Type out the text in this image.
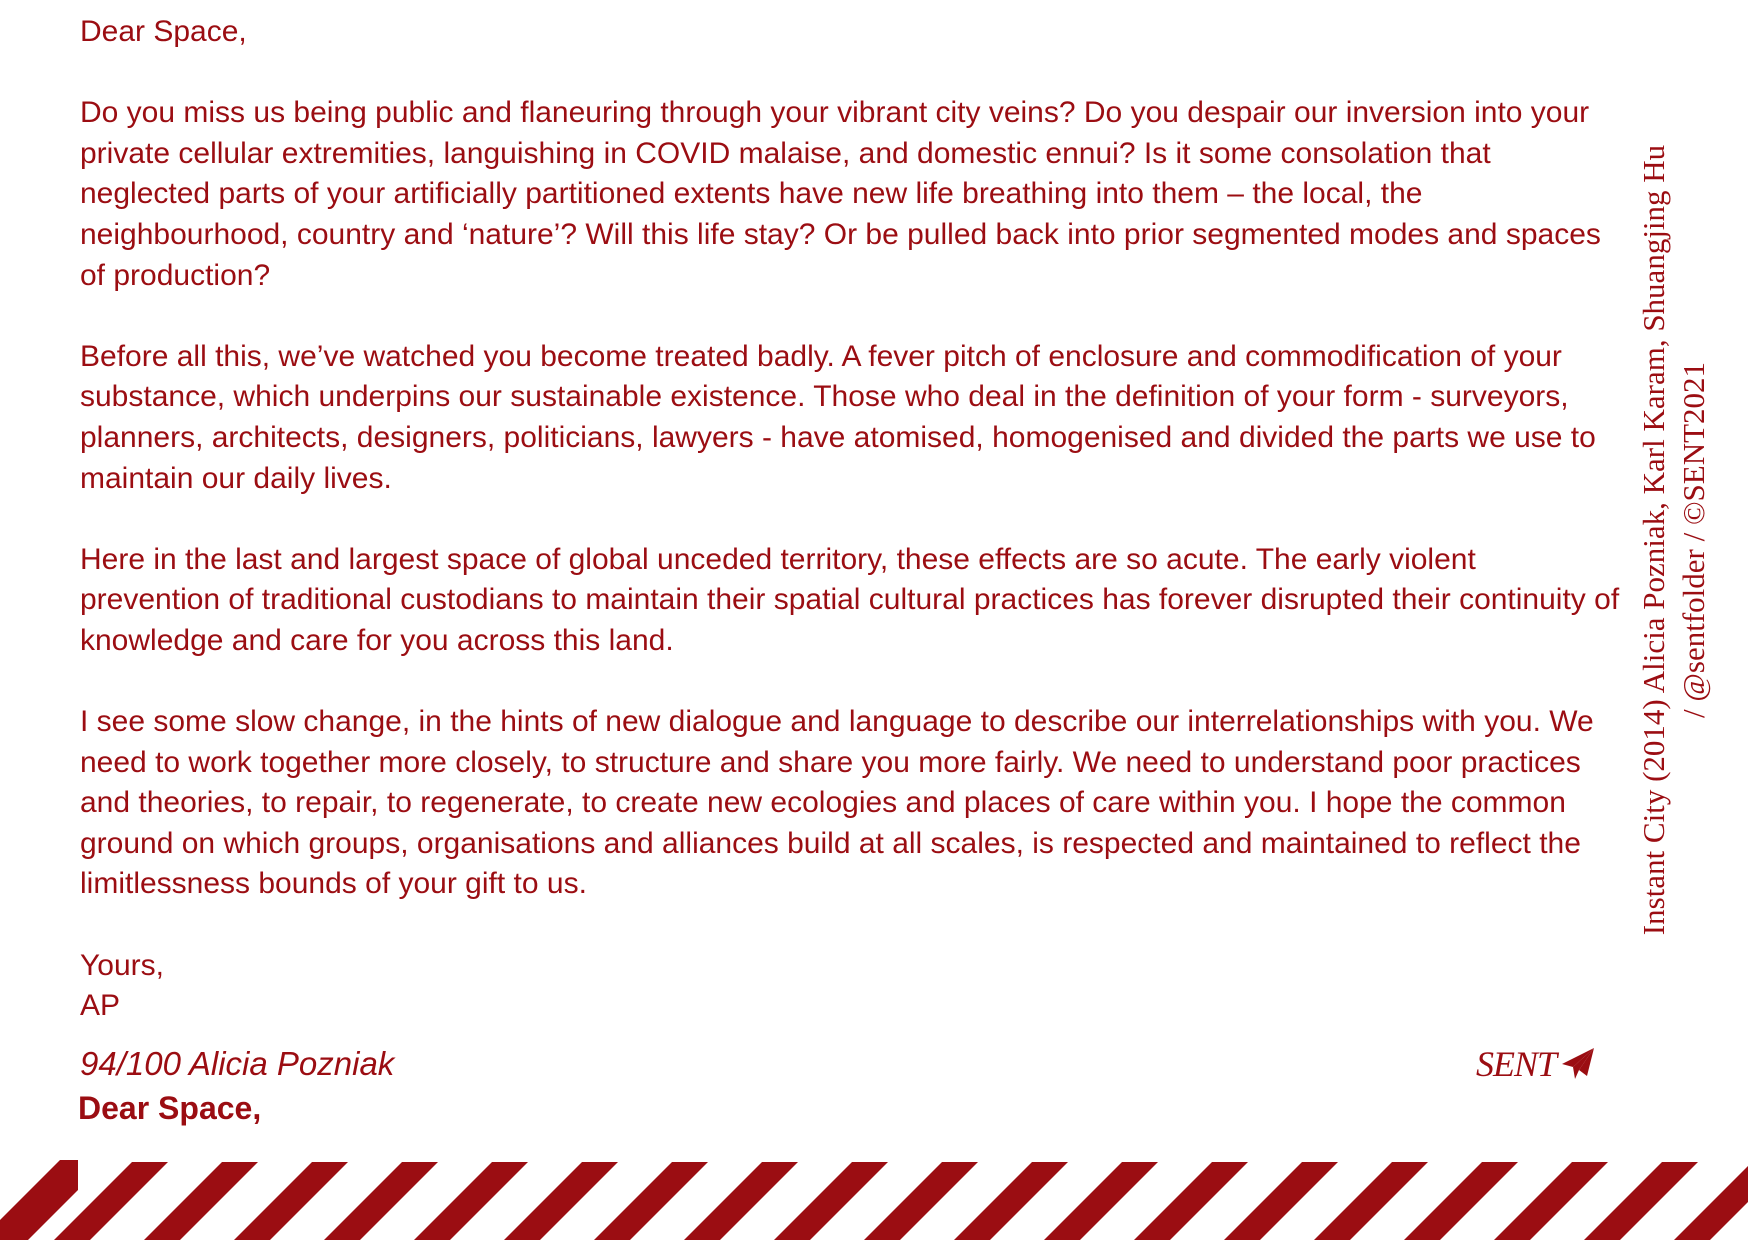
Dear Space,

Do you miss us being public and flaneuring through your vibrant city veins? Do you despair our inversion into your private cellular extremities, languishing in COVID malaise, and domestic ennui? Is it some consolation that neglected parts of your artificially partitioned extents have new life breathing into them – the local, the neighbourhood, country and ‘nature’? Will this life stay? Or be pulled back into prior segmented modes and spaces of production?

Before all this, we’ve watched you become treated badly. A fever pitch of enclosure and commodification of your substance, which underpins our sustainable existence. Those who deal in the definition of your form - surveyors, planners, architects, designers, politicians, lawyers - have atomised, homogenised and divided the parts we use to maintain our daily lives.

Here in the last and largest space of global unceded territory, these effects are so acute. The early violent prevention of traditional custodians to maintain their spatial cultural practices has forever disrupted their continuity of knowledge and care for you across this land.

I see some slow change, in the hints of new dialogue and language to describe our interrelationships with you. We need to work together more closely, to structure and share you more fairly. We need to understand poor practices and theories, to repair, to regenerate, to create new ecologies and places of care within you. I hope the common ground on which groups, organisations and alliances build at all scales, is respected and maintained to reflect the limitlessness bounds of your gift to us.

Yours,
AP

94/100 Alicia Pozniak
Dear Space,
SENT
Instant City (2014) Alicia Pozniak, Karl Karam, Shuangjing Hu / @sentfolder / ©SENT2021
